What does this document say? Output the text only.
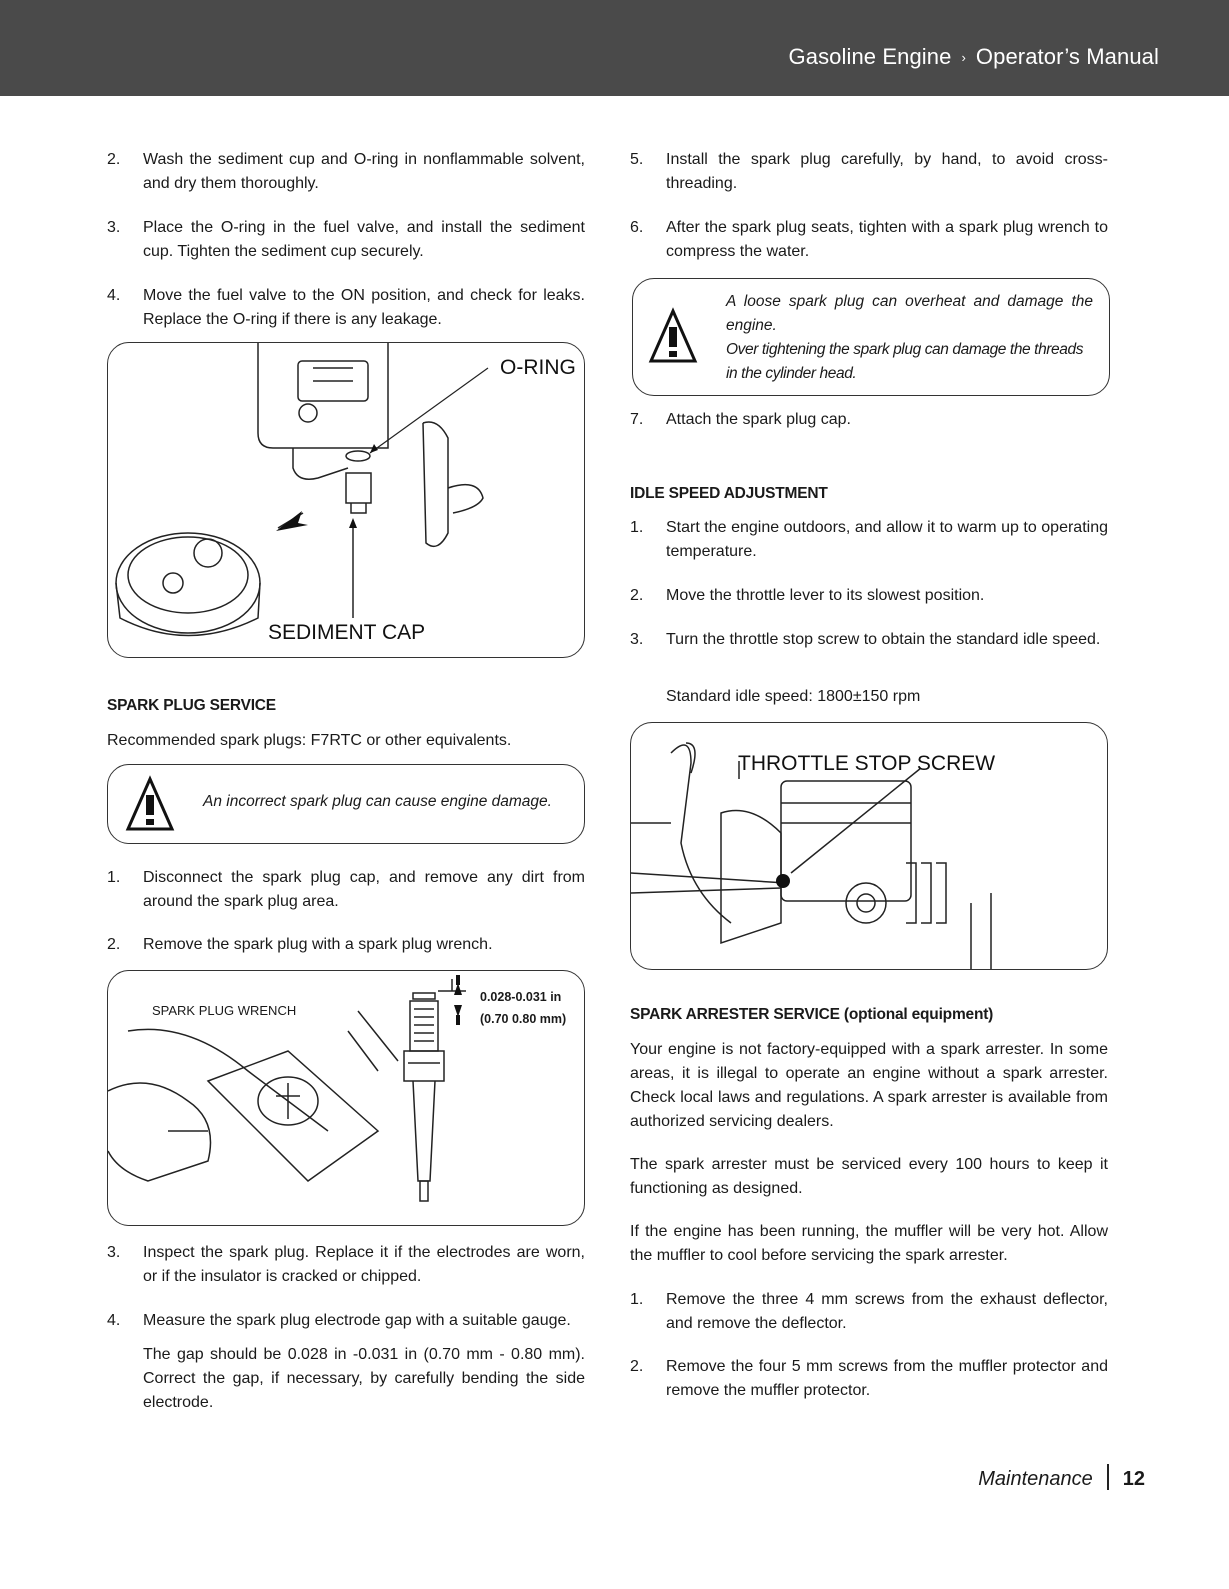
Gasoline Engine › Operator’s Manual
2. Wash the sediment cup and O-ring in nonflammable solvent, and dry them thoroughly.
3. Place the O-ring in the fuel valve, and install the sediment cup. Tighten the sediment cup securely.
4. Move the fuel valve to the ON position, and check for leaks. Replace the O-ring if there is any leakage.
O-RING
SEDIMENT CAP
SPARK PLUG SERVICE
Recommended spark plugs: F7RTC or other equivalents.
An incorrect spark plug can cause engine damage.
1. Disconnect the spark plug cap, and remove any dirt from around the spark plug area.
2. Remove the spark plug with a spark plug wrench.
SPARK PLUG WRENCH
0.028-0.031 in
(0.70 0.80 mm)
3. Inspect the spark plug. Replace it if the electrodes are worn, or if the insulator is cracked or chipped.
4. Measure the spark plug electrode gap with a suitable gauge.
The gap should be 0.028 in -0.031 in (0.70 mm - 0.80 mm). Correct the gap, if necessary, by carefully bending the side electrode.
5. Install the spark plug carefully, by hand, to avoid cross-threading.
6. After the spark plug seats, tighten with a spark plug wrench to compress the water.
A loose spark plug can overheat and damage the engine.
Over tightening the spark plug can damage the threads in the cylinder head.
7. Attach the spark plug cap.
IDLE SPEED ADJUSTMENT
1. Start the engine outdoors, and allow it to warm up to operating temperature.
2. Move the throttle lever to its slowest position.
3. Turn the throttle stop screw to obtain the standard idle speed.
Standard idle speed: 1800±150 rpm
THROTTLE STOP SCREW
SPARK ARRESTER SERVICE (optional equipment)
Your engine is not factory-equipped with a spark arrester. In some areas, it is illegal to operate an engine without a spark arrester. Check local laws and regulations. A spark arrester is available from authorized servicing dealers.
The spark arrester must be serviced every 100 hours to keep it functioning as designed.
If the engine has been running, the muffler will be very hot. Allow the muffler to cool before servicing the spark arrester.
1. Remove the three 4 mm screws from the exhaust deflector, and remove the deflector.
2. Remove the four 5 mm screws from the muffler protector and remove the muffler protector.
Maintenance 12
